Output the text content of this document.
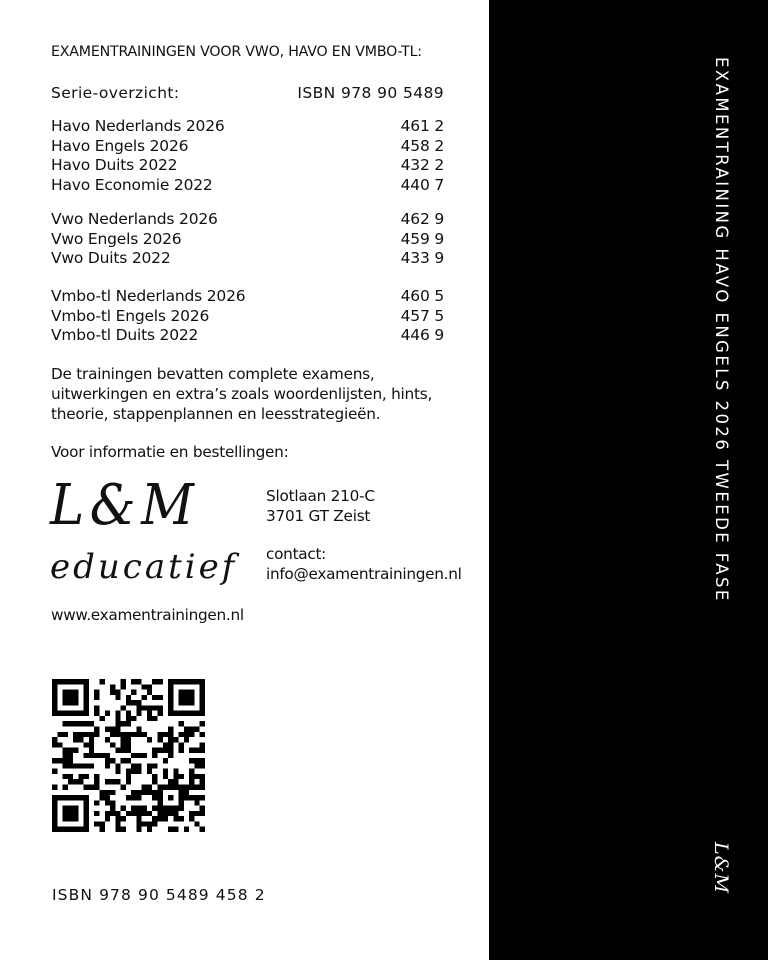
EXAMENTRAININGEN VOOR VWO, HAVO EN VMBO-TL:
Serie-overzicht:	ISBN 978 90 5489
Havo Nederlands 2026	461 2
Havo Engels 2026	458 2
Havo Duits 2022	432 2
Havo Economie 2022	440 7
Vwo Nederlands 2026	462 9
Vwo Engels 2026	459 9
Vwo Duits 2022	433 9
Vmbo-tl Nederlands 2026	460 5
Vmbo-tl Engels 2026	457 5
Vmbo-tl Duits 2022	446 9
De trainingen bevatten complete examens,
uitwerkingen en extra’s zoals woordenlijsten, hints,
theorie, stappenplannen en leesstrategieën.
Voor informatie en bestellingen:
L&M
educatief
Slotlaan 210-C
3701 GT Zeist
contact:
info@examentrainingen.nl
www.examentrainingen.nl
ISBN 978 90 5489 458 2
EXAMENTRAINING HAVO ENGELS 2026 TWEEDE FASE
L&M
